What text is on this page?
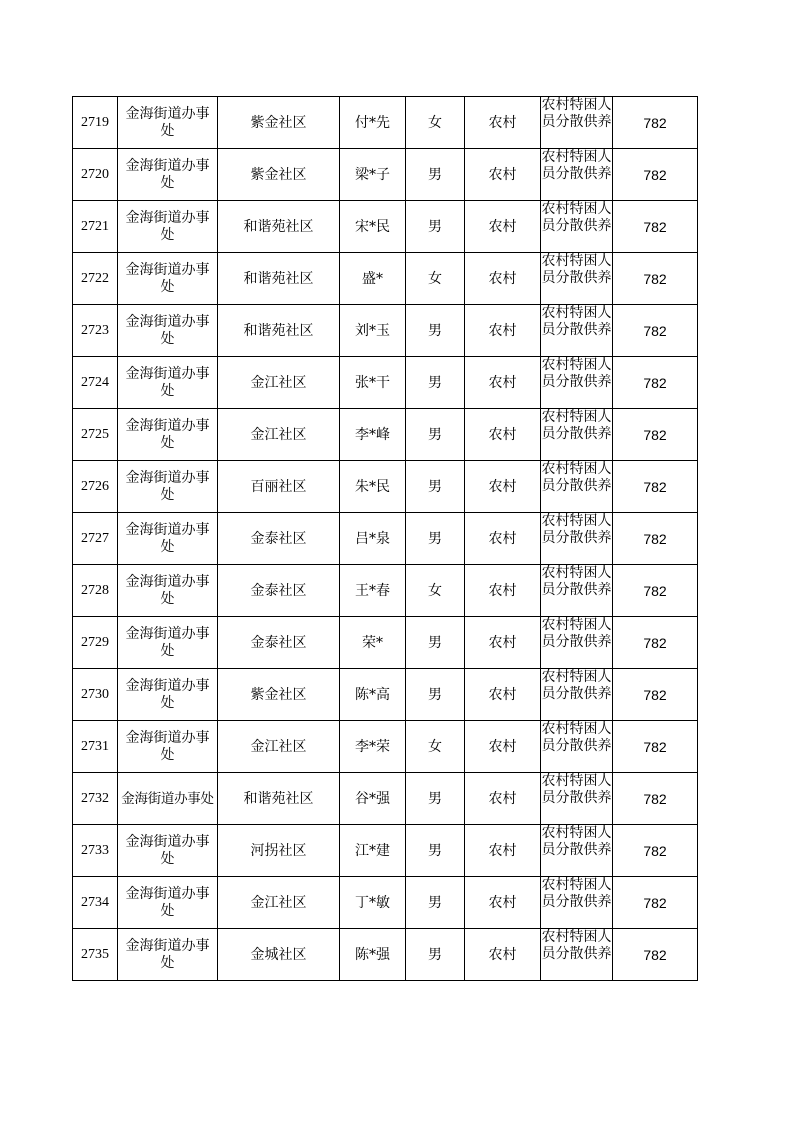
2719	金海街道办事处	紫金社区	付*先	女	农村	农村特困人员分散供养	782
2720	金海街道办事处	紫金社区	梁*子	男	农村	农村特困人员分散供养	782
2721	金海街道办事处	和谐苑社区	宋*民	男	农村	农村特困人员分散供养	782
2722	金海街道办事处	和谐苑社区	盛*	女	农村	农村特困人员分散供养	782
2723	金海街道办事处	和谐苑社区	刘*玉	男	农村	农村特困人员分散供养	782
2724	金海街道办事处	金江社区	张*干	男	农村	农村特困人员分散供养	782
2725	金海街道办事处	金江社区	李*峰	男	农村	农村特困人员分散供养	782
2726	金海街道办事处	百丽社区	朱*民	男	农村	农村特困人员分散供养	782
2727	金海街道办事处	金泰社区	吕*泉	男	农村	农村特困人员分散供养	782
2728	金海街道办事处	金泰社区	王*春	女	农村	农村特困人员分散供养	782
2729	金海街道办事处	金泰社区	荣*	男	农村	农村特困人员分散供养	782
2730	金海街道办事处	紫金社区	陈*高	男	农村	农村特困人员分散供养	782
2731	金海街道办事处	金江社区	李*荣	女	农村	农村特困人员分散供养	782
2732	金海街道办事处	和谐苑社区	谷*强	男	农村	农村特困人员分散供养	782
2733	金海街道办事处	河拐社区	江*建	男	农村	农村特困人员分散供养	782
2734	金海街道办事处	金江社区	丁*敏	男	农村	农村特困人员分散供养	782
2735	金海街道办事处	金城社区	陈*强	男	农村	农村特困人员分散供养	782
